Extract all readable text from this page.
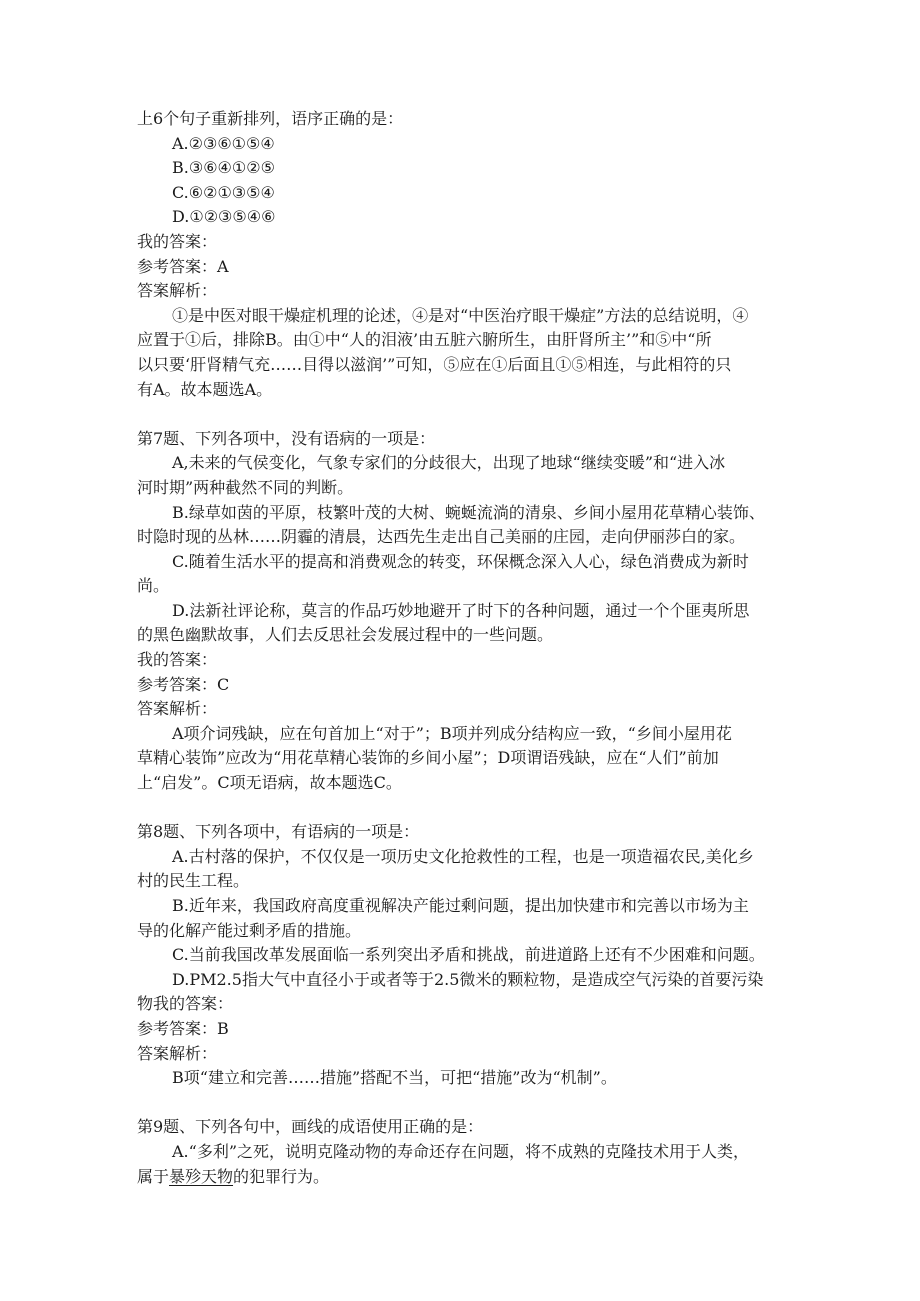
上6个句子重新排列，语序正确的是：

A.②③⑥①⑤④

B.③⑥④①②⑤

C.⑥②①③⑤④

D.①②③⑤④⑥

我的答案：

参考答案：A

答案解析：

①是中医对眼干燥症机理的论述，④是对“中医治疗眼干燥症”方法的总结说明，④

应置于①后，排除B。由①中“人的泪液’由五脏六腑所生，由肝肾所主’”和⑤中“所

以只要‘肝肾精气充……目得以滋润’”可知，⑤应在①后面且①⑤相连，与此相符的只

有A。故本题选A。

第7题、下列各项中，没有语病的一项是：

A,未来的气侯变化，气象专家们的分歧很大，出现了地球“继续变暖”和“进入冰

河时期”两种截然不同的判断。

B.绿草如茵的平原，枝繁叶茂的大树、蜿蜒流淌的清泉、乡间小屋用花草精心装饰、

时隐时现的丛林……阴霾的清晨，达西先生走出自己美丽的庄园，走向伊丽莎白的家。

C.随着生活水平的提高和消费观念的转变，环保概念深入人心，绿色消费成为新时

尚。

D.法新社评论称，莫言的作品巧妙地避开了时下的各种问题，通过一个个匪夷所思

的黑色幽默故事，人们去反思社会发展过程中的一些问题。

我的答案：

参考答案：C

答案解析：

A项介词残缺，应在句首加上“对于”；B项并列成分结构应一致，“乡间小屋用花

草精心装饰”应改为“用花草精心装饰的乡间小屋”；D项谓语残缺，应在“人们”前加

上“启发”。C项无语病，故本题选C。

第8题、下列各项中，有语病的一项是：

A.古村落的保护，不仅仅是一项历史文化抢救性的工程，也是一项造福农民,美化乡

村的民生工程。

B.近年来，我国政府高度重视解决产能过剩问题，提出加快建市和完善以市场为主

导的化解产能过剩矛盾的措施。

C.当前我国改革发展面临一系列突出矛盾和挑战，前进道路上还有不少困难和问题。

D.PM2.5指大气中直径小于或者等于2.5微米的颗粒物，是造成空气污染的首要污染

物我的答案：

参考答案：B

答案解析：

B项“建立和完善……措施”搭配不当，可把“措施”改为“机制”。

第9题、下列各句中，画线的成语使用正确的是：

A.“多利”之死，说明克隆动物的寿命还存在问题，将不成熟的克隆技术用于人类，

属于暴殄天物的犯罪行为。
